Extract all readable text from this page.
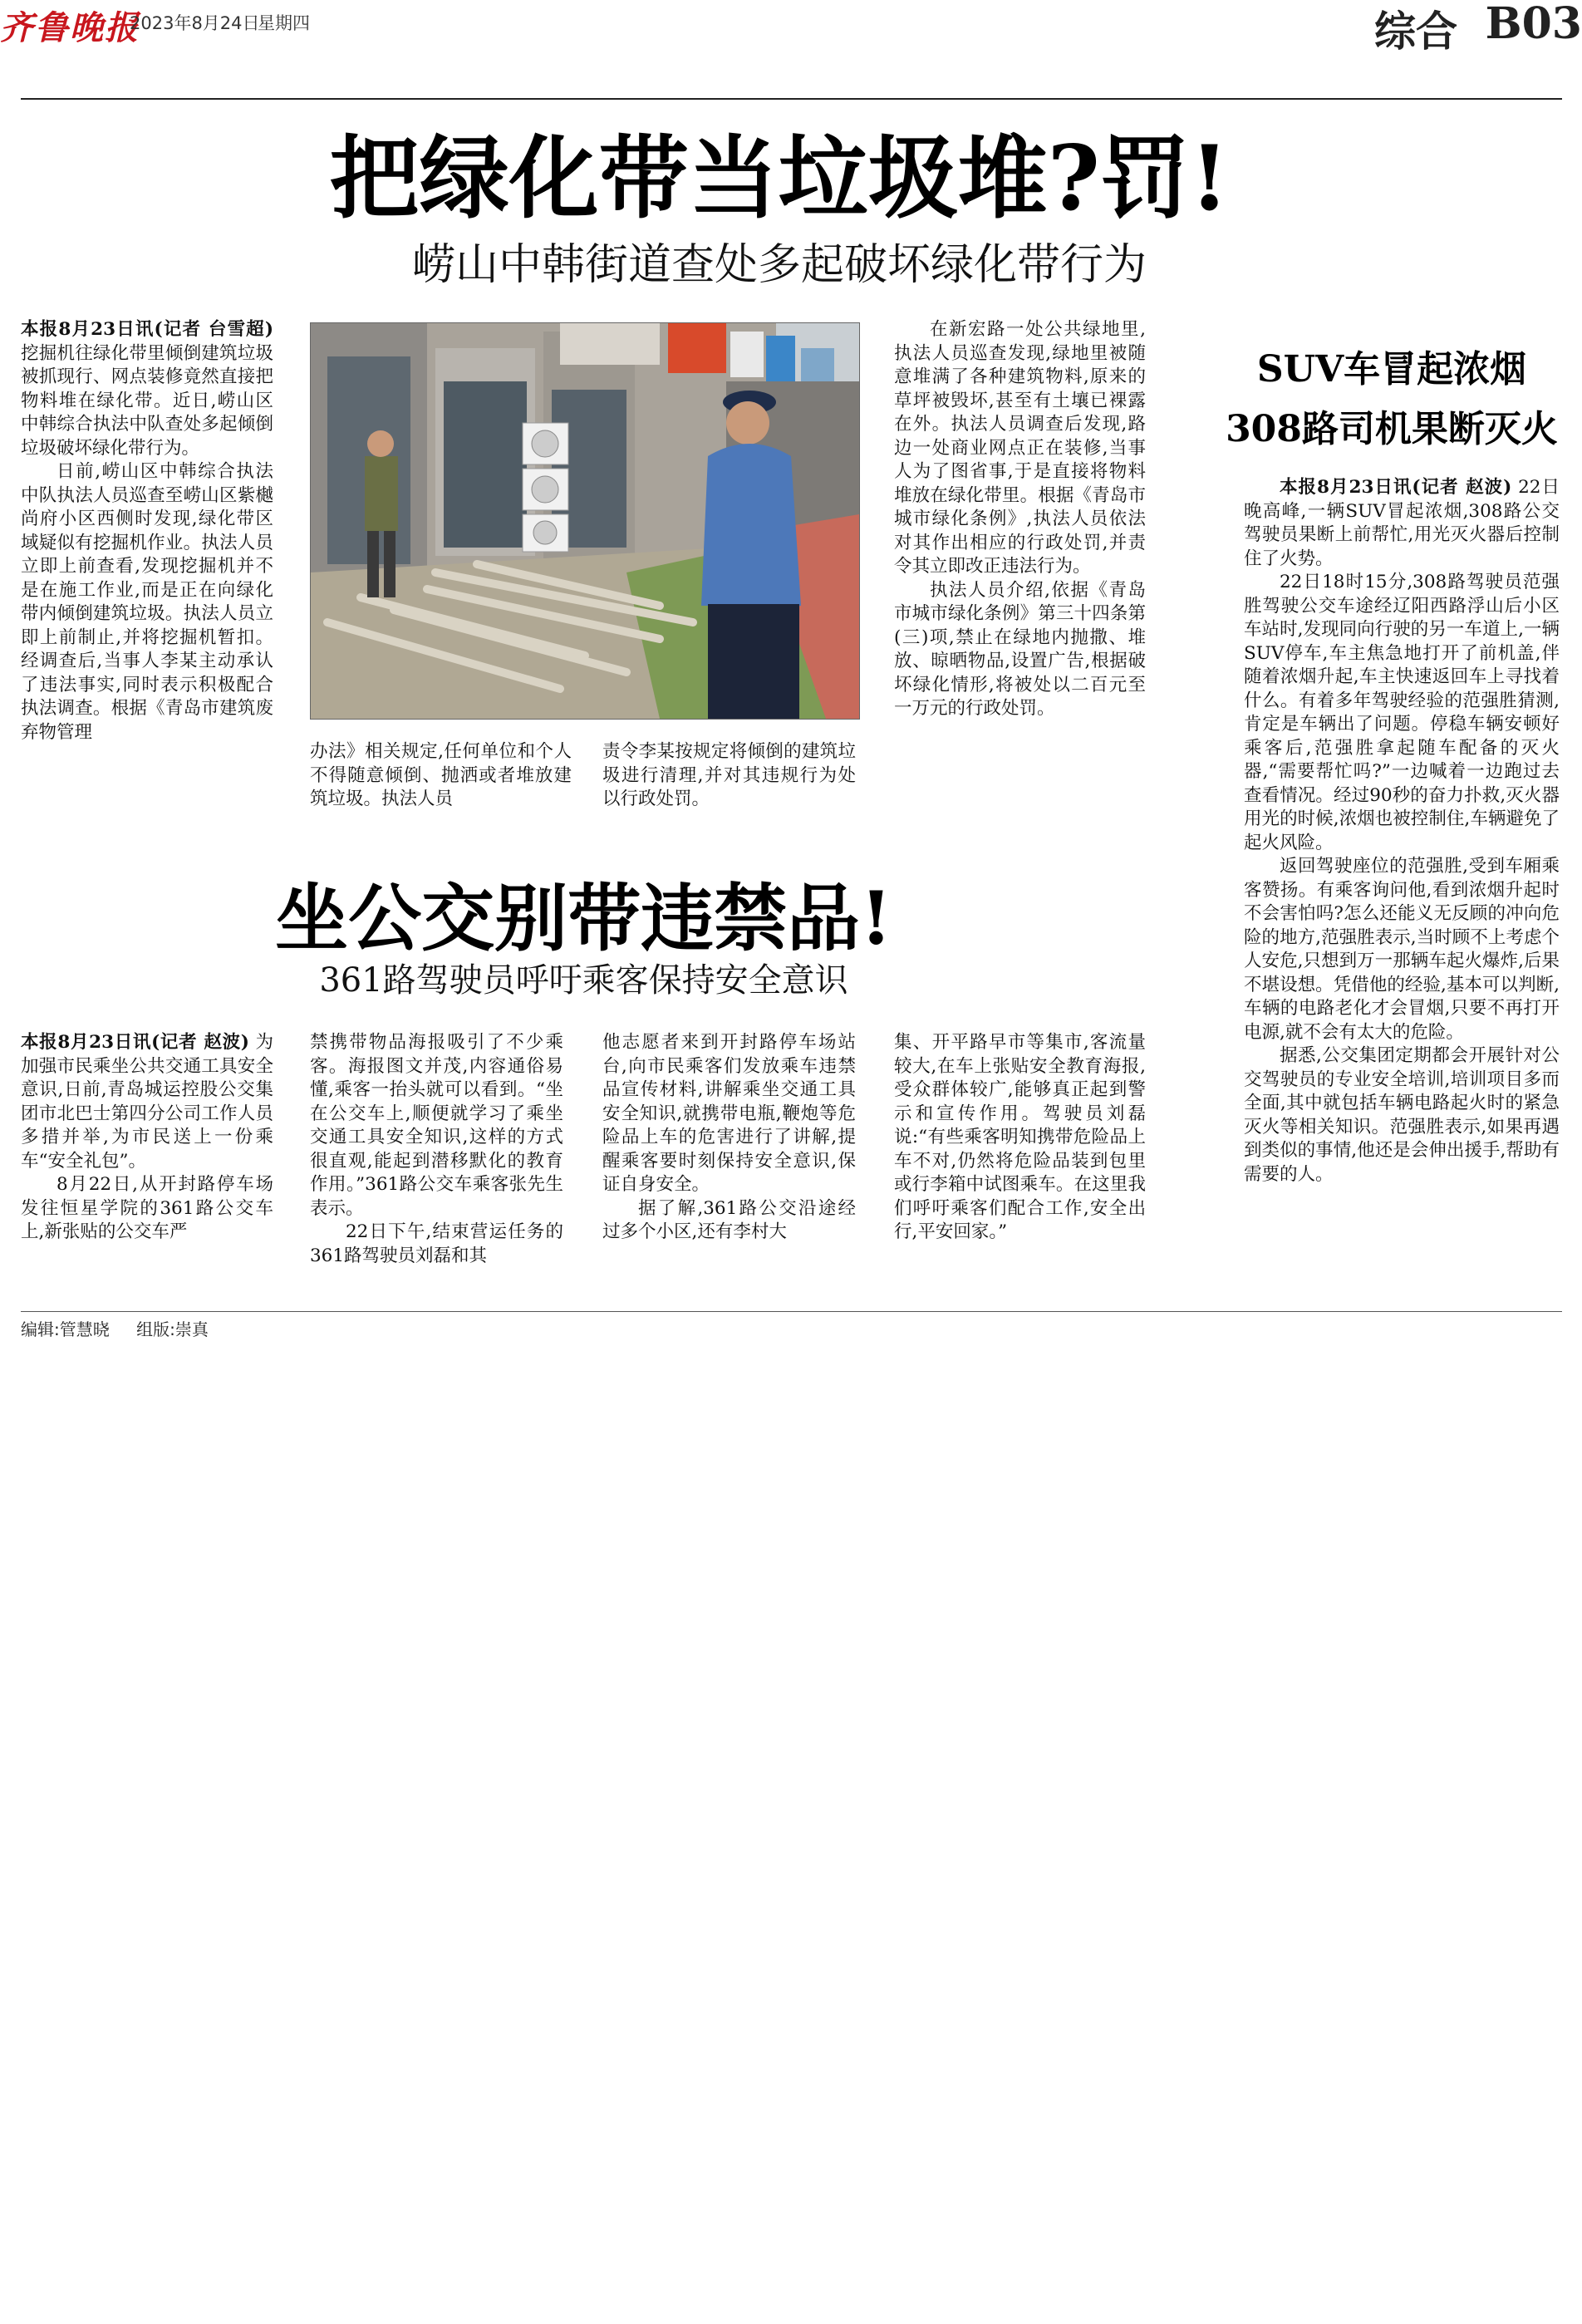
齐鲁晚报
2023年8月24日
星期四	综合 B03
把绿化带当垃圾堆?罚!
崂山中韩街道查处多起破坏绿化带行为

本报8月23日讯(记者 台雪超) 挖掘机往绿化带里倾倒建筑垃圾被抓现行、网点装修竟然直接把物料堆在绿化带。近日,崂山区中韩综合执法中队查处多起倾倒垃圾破坏绿化带行为。

日前,崂山区中韩综合执法中队执法人员巡查至崂山区紫樾尚府小区西侧时发现,绿化带区域疑似有挖掘机作业。执法人员立即上前查看,发现挖掘机并不是在施工作业,而是正在向绿化带内倾倒建筑垃圾。执法人员立即上前制止,并将挖掘机暂扣。经调查后,当事人李某主动承认了违法事实,同时表示积极配合执法调查。根据《青岛市建筑废弃物管理

办法》相关规定,任何单位和个人不得随意倾倒、抛洒或者堆放建筑垃圾。执法人员

责令李某按规定将倾倒的建筑垃圾进行清理,并对其违规行为处以行政处罚。

在新宏路一处公共绿地里,执法人员巡查发现,绿地里被随意堆满了各种建筑物料,原来的草坪被毁坏,甚至有土壤已裸露在外。执法人员调查后发现,路边一处商业网点正在装修,当事人为了图省事,于是直接将物料堆放在绿化带里。根据《青岛市城市绿化条例》,执法人员依法对其作出相应的行政处罚,并责令其立即改正违法行为。

执法人员介绍,依据《青岛市城市绿化条例》第三十四条第(三)项,禁止在绿地内抛撒、堆放、晾晒物品,设置广告,根据破坏绿化情形,将被处以二百元至一万元的行政处罚。

坐公交别带违禁品!
361路驾驶员呼吁乘客保持安全意识

本报8月23日讯(记者 赵波) 为加强市民乘坐公共交通工具安全意识,日前,青岛城运控股公交集团市北巴士第四分公司工作人员多措并举,为市民送上一份乘车“安全礼包”。

8月22日,从开封路停车场发往恒星学院的361路公交车上,新张贴的公交车严

禁携带物品海报吸引了不少乘客。海报图文并茂,内容通俗易懂,乘客一抬头就可以看到。“坐在公交车上,顺便就学习了乘坐交通工具安全知识,这样的方式很直观,能起到潜移默化的教育作用。”361路公交车乘客张先生表示。

22日下午,结束营运任务的361路驾驶员刘磊和其

他志愿者来到开封路停车场站台,向市民乘客们发放乘车违禁品宣传材料,讲解乘坐交通工具安全知识,就携带电瓶,鞭炮等危险品上车的危害进行了讲解,提醒乘客要时刻保持安全意识,保证自身安全。

据了解,361路公交沿途经过多个小区,还有李村大

集、开平路早市等集市,客流量较大,在车上张贴安全教育海报,受众群体较广,能够真正起到警示和宣传作用。驾驶员刘磊说:“有些乘客明知携带危险品上车不对,仍然将危险品装到包里或行李箱中试图乘车。在这里我们呼吁乘客们配合工作,安全出行,平安回家。”

SUV车冒起浓烟
308路司机果断灭火

本报8月23日讯(记者 赵波) 22日晚高峰,一辆SUV冒起浓烟,308路公交驾驶员果断上前帮忙,用光灭火器后控制住了火势。

22日18时15分,308路驾驶员范强胜驾驶公交车途经辽阳西路浮山后小区车站时,发现同向行驶的另一车道上,一辆SUV停车,车主焦急地打开了前机盖,伴随着浓烟升起,车主快速返回车上寻找着什么。有着多年驾驶经验的范强胜猜测,肯定是车辆出了问题。停稳车辆安顿好乘客后,范强胜拿起随车配备的灭火器,“需要帮忙吗?”一边喊着一边跑过去查看情况。经过90秒的奋力扑救,灭火器用光的时候,浓烟也被控制住,车辆避免了起火风险。

返回驾驶座位的范强胜,受到车厢乘客赞扬。有乘客询问他,看到浓烟升起时不会害怕吗?怎么还能义无反顾的冲向危险的地方,范强胜表示,当时顾不上考虑个人安危,只想到万一那辆车起火爆炸,后果不堪设想。凭借他的经验,基本可以判断,车辆的电路老化才会冒烟,只要不再打开电源,就不会有太大的危险。

据悉,公交集团定期都会开展针对公交驾驶员的专业安全培训,培训项目多而全面,其中就包括车辆电路起火时的紧急灭火等相关知识。范强胜表示,如果再遇到类似的事情,他还是会伸出援手,帮助有需要的人。

编辑:管慧晓 组版:崇真
